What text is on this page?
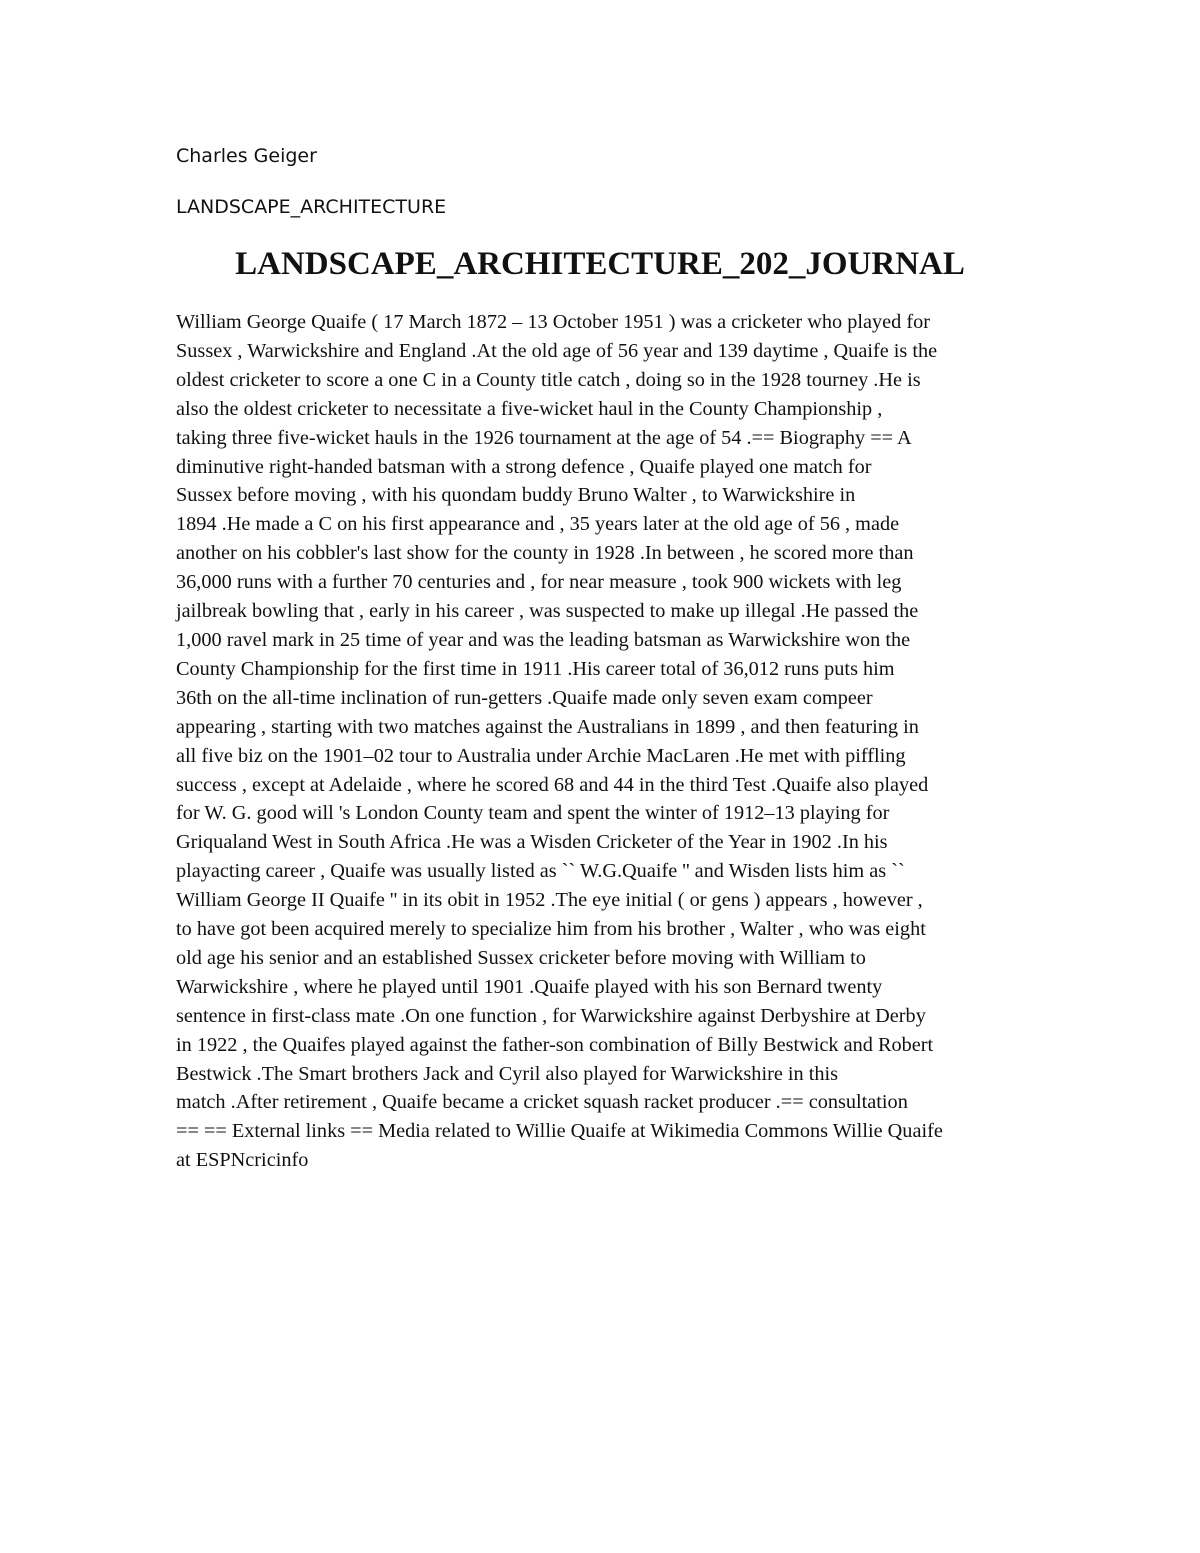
Charles Geiger

LANDSCAPE_ARCHITECTURE

LANDSCAPE_ARCHITECTURE_202_JOURNAL
William George Quaife ( 17 March 1872 – 13 October 1951 ) was a cricketer who played for
Sussex , Warwickshire and England .At the old age of 56 year and 139 daytime , Quaife is the
oldest cricketer to score a one C in a County title catch , doing so in the 1928 tourney .He is
also the oldest cricketer to necessitate a five-wicket haul in the County Championship ,
taking three five-wicket hauls in the 1926 tournament at the age of 54 .== Biography == A
diminutive right-handed batsman with a strong defence , Quaife played one match for
Sussex before moving , with his quondam buddy Bruno Walter , to Warwickshire in
1894 .He made a C on his first appearance and , 35 years later at the old age of 56 , made
another on his cobbler's last show for the county in 1928 .In between , he scored more than
36,000 runs with a further 70 centuries and , for near measure , took 900 wickets with leg
jailbreak bowling that , early in his career , was suspected to make up illegal .He passed the
1,000 ravel mark in 25 time of year and was the leading batsman as Warwickshire won the
County Championship for the first time in 1911 .His career total of 36,012 runs puts him
36th on the all-time inclination of run-getters .Quaife made only seven exam compeer
appearing , starting with two matches against the Australians in 1899 , and then featuring in
all five biz on the 1901–02 tour to Australia under Archie MacLaren .He met with piffling
success , except at Adelaide , where he scored 68 and 44 in the third Test .Quaife also played
for W. G. good will 's London County team and spent the winter of 1912–13 playing for
Griqualand West in South Africa .He was a Wisden Cricketer of the Year in 1902 .In his
playacting career , Quaife was usually listed as `` W.G.Quaife '' and Wisden lists him as ``
William George II Quaife '' in its obit in 1952 .The eye initial ( or gens ) appears , however ,
to have got been acquired merely to specialize him from his brother , Walter , who was eight
old age his senior and an established Sussex cricketer before moving with William to
Warwickshire , where he played until 1901 .Quaife played with his son Bernard twenty
sentence in first-class mate .On one function , for Warwickshire against Derbyshire at Derby
in 1922 , the Quaifes played against the father-son combination of Billy Bestwick and Robert
Bestwick .The Smart brothers Jack and Cyril also played for Warwickshire in this
match .After retirement , Quaife became a cricket squash racket producer .== consultation
== == External links == Media related to Willie Quaife at Wikimedia Commons Willie Quaife
at ESPNcricinfo
